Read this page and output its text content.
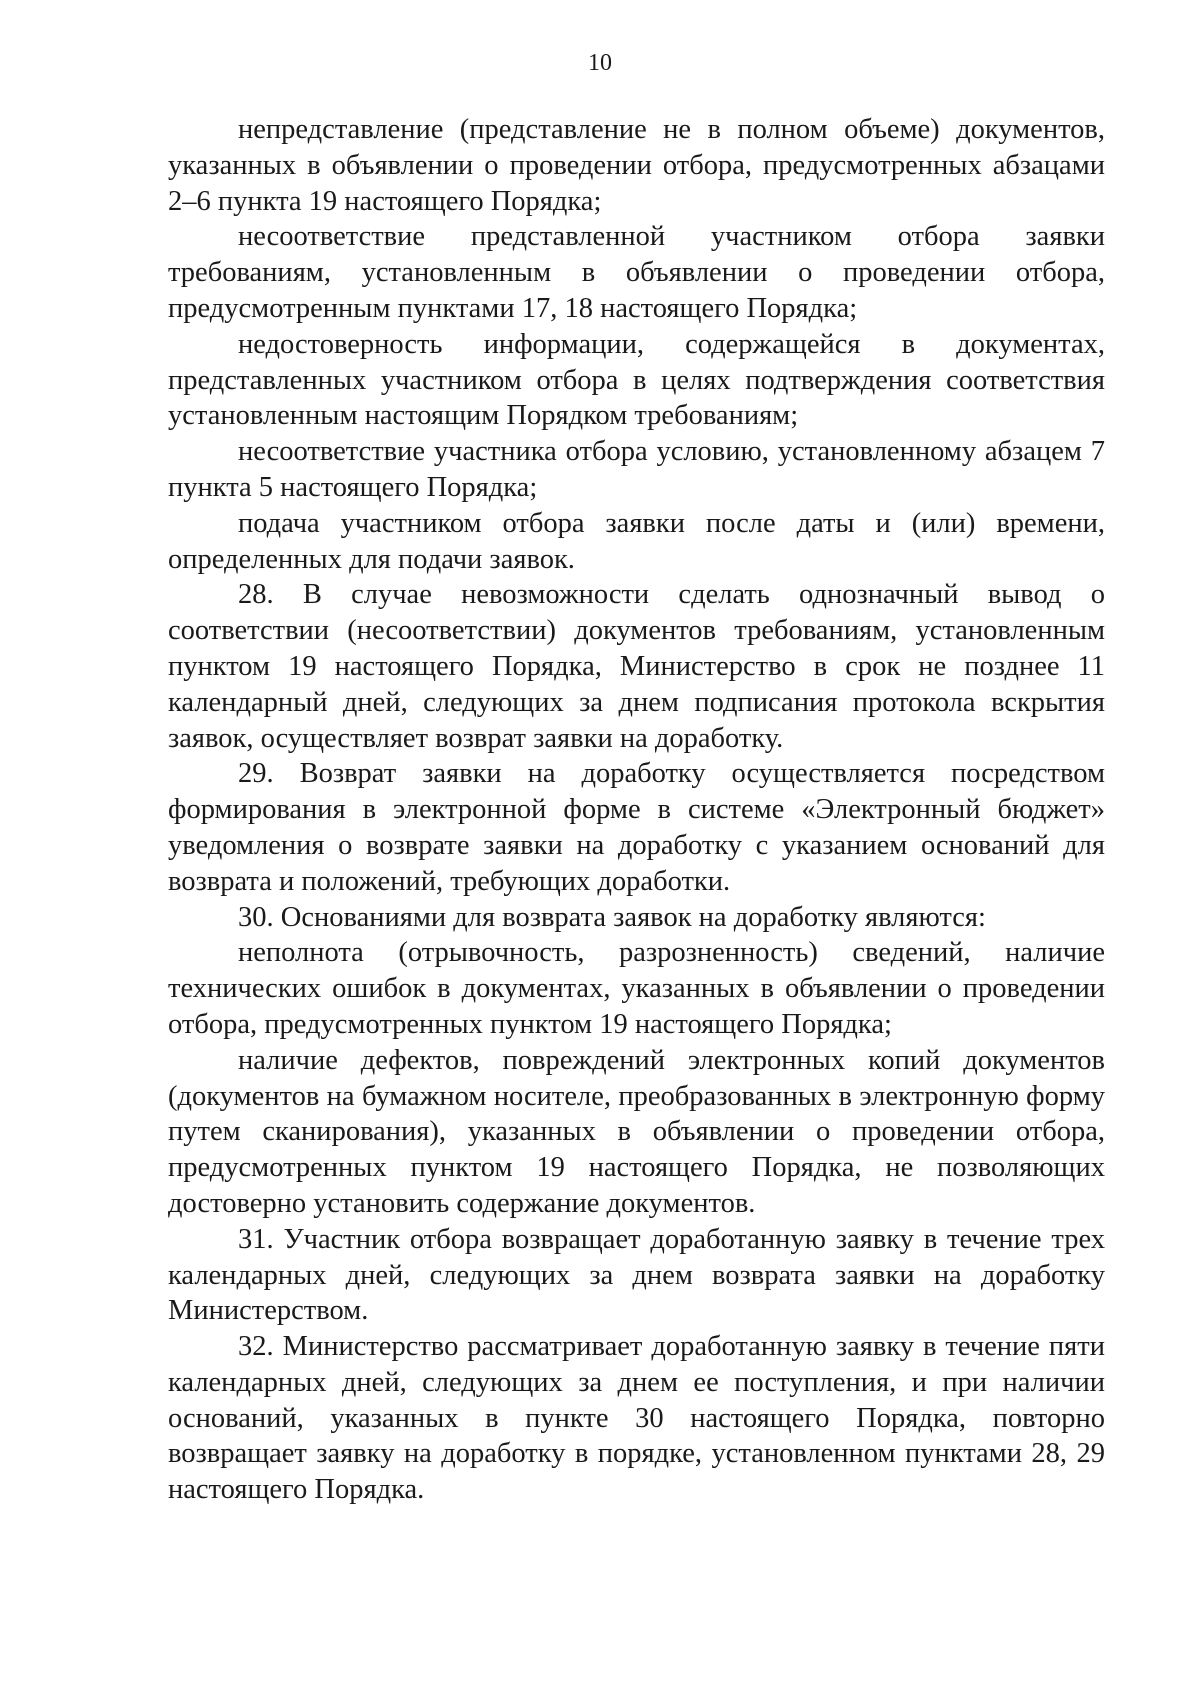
10

непредставление (представление не в полном объеме) документов, указанных в объявлении о проведении отбора, предусмотренных абзацами 2–6 пункта 19 настоящего Порядка;

несоответствие представленной участником отбора заявки требованиям, установленным в объявлении о проведении отбора, предусмотренным пунктами 17, 18 настоящего Порядка;

недостоверность информации, содержащейся в документах, представленных участником отбора в целях подтверждения соответствия установленным настоящим Порядком требованиям;

несоответствие участника отбора условию, установленному абзацем 7 пункта 5 настоящего Порядка;

подача участником отбора заявки после даты и (или) времени, определенных для подачи заявок.

28. В случае невозможности сделать однозначный вывод о соответствии (несоответствии) документов требованиям, установленным пунктом 19 настоящего Порядка, Министерство в срок не позднее 11 календарный дней, следующих за днем подписания протокола вскрытия заявок, осуществляет возврат заявки на доработку.

29. Возврат заявки на доработку осуществляется посредством формирования в электронной форме в системе «Электронный бюджет» уведомления о возврате заявки на доработку с указанием оснований для возврата и положений, требующих доработки.

30. Основаниями для возврата заявок на доработку являются:

неполнота (отрывочность, разрозненность) сведений, наличие технических ошибок в документах, указанных в объявлении о проведении отбора, предусмотренных пунктом 19 настоящего Порядка;

наличие дефектов, повреждений электронных копий документов (документов на бумажном носителе, преобразованных в электронную форму путем сканирования), указанных в объявлении о проведении отбора, предусмотренных пунктом 19 настоящего Порядка, не позволяющих достоверно установить содержание документов.

31. Участник отбора возвращает доработанную заявку в течение трех календарных дней, следующих за днем возврата заявки на доработку Министерством.

32. Министерство рассматривает доработанную заявку в течение пяти календарных дней, следующих за днем ее поступления, и при наличии оснований, указанных в пункте 30 настоящего Порядка, повторно возвращает заявку на доработку в порядке, установленном пунктами 28, 29 настоящего Порядка.
